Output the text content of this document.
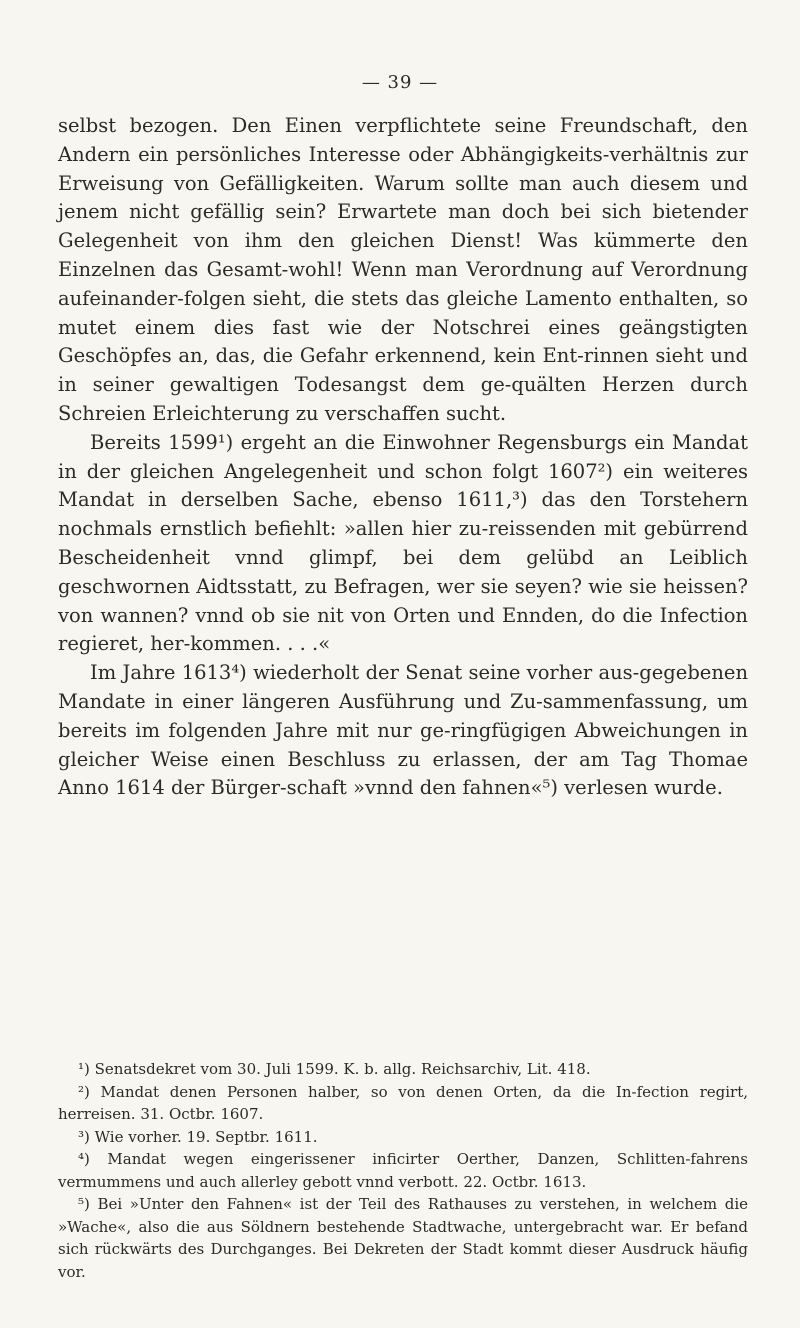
— 39 —

selbst bezogen. Den Einen verpflichtete seine Freundschaft, den Andern ein persönliches Interesse oder Abhängigkeits-verhältnis zur Erweisung von Gefälligkeiten. Warum sollte man auch diesem und jenem nicht gefällig sein? Erwartete man doch bei sich bietender Gelegenheit von ihm den gleichen Dienst! Was kümmerte den Einzelnen das Gesamt-wohl! Wenn man Verordnung auf Verordnung aufeinander-folgen sieht, die stets das gleiche Lamento enthalten, so mutet einem dies fast wie der Notschrei eines geängstigten Geschöpfes an, das, die Gefahr erkennend, kein Ent-rinnen sieht und in seiner gewaltigen Todesangst dem ge-quälten Herzen durch Schreien Erleichterung zu verschaffen sucht.

Bereits 1599¹) ergeht an die Einwohner Regensburgs ein Mandat in der gleichen Angelegenheit und schon folgt 1607²) ein weiteres Mandat in derselben Sache, ebenso 1611,³) das den Torstehern nochmals ernstlich befiehlt: »allen hier zu-reissenden mit gebürrend Bescheidenheit vnnd glimpf, bei dem gelübd an Leiblich geschwornen Aidtsstatt, zu Befragen, wer sie seyen? wie sie heissen? von wannen? vnnd ob sie nit von Orten und Ennden, do die Infection regieret, her-kommen. . . .«

Im Jahre 1613⁴) wiederholt der Senat seine vorher aus-gegebenen Mandate in einer längeren Ausführung und Zu-sammenfassung, um bereits im folgenden Jahre mit nur ge-ringfügigen Abweichungen in gleicher Weise einen Beschluss zu erlassen, der am Tag Thomae Anno 1614 der Bürger-schaft »vnnd den fahnen«⁵) verlesen wurde.

¹) Senatsdekret vom 30. Juli 1599. K. b. allg. Reichsarchiv, Lit. 418.

²) Mandat denen Personen halber, so von denen Orten, da die In-fection regirt, herreisen. 31. Octbr. 1607.

³) Wie vorher. 19. Septbr. 1611.

⁴) Mandat wegen eingerissener inficirter Oerther, Danzen, Schlitten-fahrens vermummens und auch allerley gebott vnnd verbott. 22. Octbr. 1613.

⁵) Bei »Unter den Fahnen« ist der Teil des Rathauses zu verstehen, in welchem die »Wache«, also die aus Söldnern bestehende Stadtwache, untergebracht war. Er befand sich rückwärts des Durchganges. Bei Dekreten der Stadt kommt dieser Ausdruck häufig vor.
